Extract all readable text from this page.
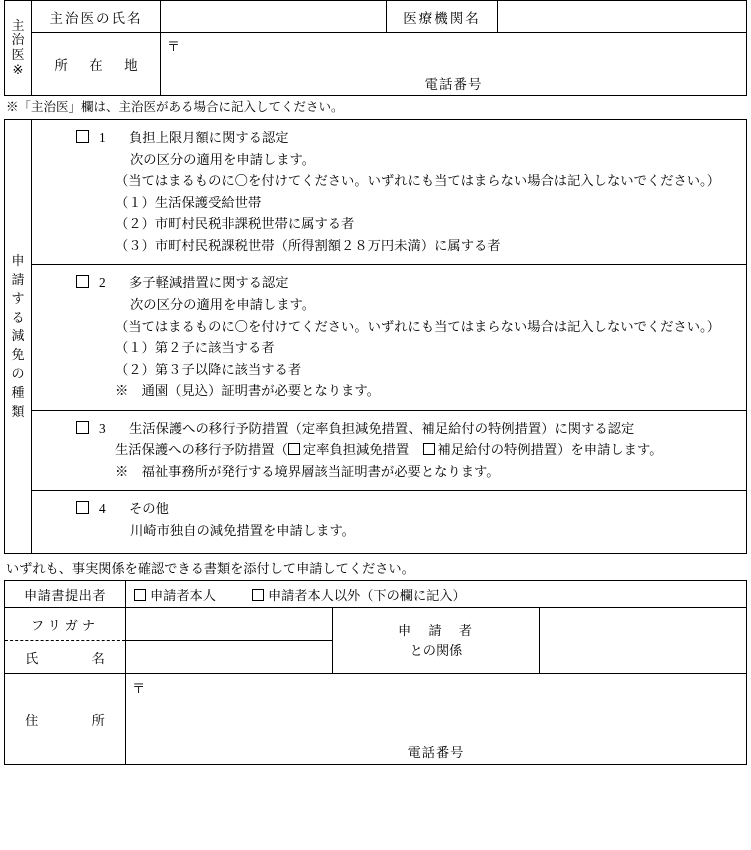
主
治
医
※	主治医の氏名		医療機関名	
	所 在 地	〒
電話番号		
※「主治医」欄は、主治医がある場合に記入してください。
申
請
す
る
減
免
の
種
類

1 負担上限月額に関する認定
次の区分の適用を申請します。
（当てはまるものに〇を付けてください。いずれにも当てはまらない場合は記入しないでください。）
（１）生活保護受給世帯
（２）市町村民税非課税世帯に属する者
（３）市町村民税課税世帯（所得割額２８万円未満）に属する者

2 多子軽減措置に関する認定
次の区分の適用を申請します。
（当てはまるものに〇を付けてください。いずれにも当てはまらない場合は記入しないでください。）
（１）第２子に該当する者
（２）第３子以降に該当する者
※　通園（見込）証明書が必要となります。

3 生活保護への移行予防措置（定率負担減免措置、補足給付の特例措置）に関する認定
生活保護への移行予防措置（ 定率負担減免措置　補足給付の特例措置）を申請します。
※　福祉事務所が発行する境界層該当証明書が必要となります。

4 その他
川崎市独自の減免措置を申請します。
いずれも、事実関係を確認できる書類を添付して申請してください。
申請書提出者	申請者本人 申請者本人以外（下の欄に記入）		
フリガナ		申　請　者
との関係	

氏　　名			
住　　所	〒
電話番号		
